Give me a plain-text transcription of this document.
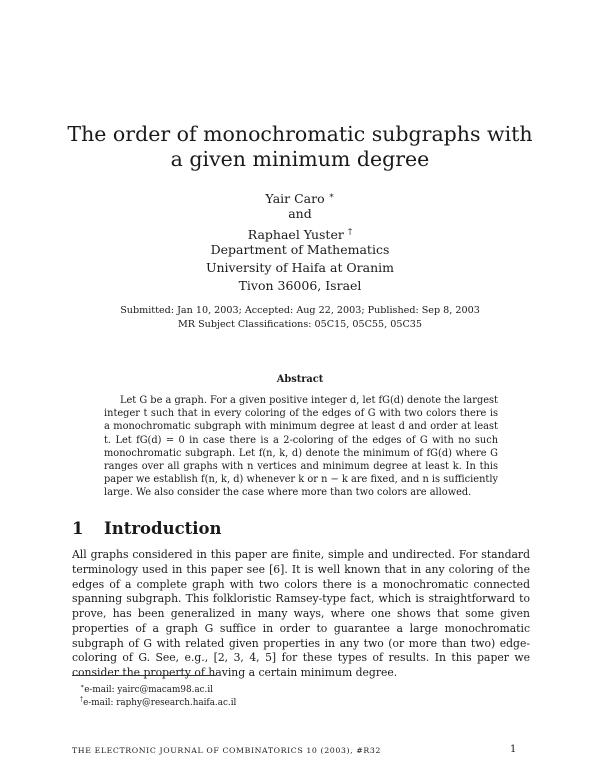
The order of monochromatic subgraphs with a given minimum degree
Yair Caro ∗
and
Raphael Yuster †
Department of Mathematics
University of Haifa at Oranim
Tivon 36006, Israel
Submitted: Jan 10, 2003; Accepted: Aug 22, 2003; Published: Sep 8, 2003
MR Subject Classifications: 05C15, 05C55, 05C35
Abstract

Let G be a graph. For a given positive integer d, let fG(d) denote the largest integer t such that in every coloring of the edges of G with two colors there is a monochromatic subgraph with minimum degree at least d and order at least t. Let fG(d) = 0 in case there is a 2-coloring of the edges of G with no such monochromatic subgraph. Let f(n, k, d) denote the minimum of fG(d) where G ranges over all graphs with n vertices and minimum degree at least k. In this paper we establish f(n, k, d) whenever k or n − k are fixed, and n is sufficiently large. We also consider the case where more than two colors are allowed.

1 Introduction

All graphs considered in this paper are finite, simple and undirected. For standard terminology used in this paper see [6]. It is well known that in any coloring of the edges of a complete graph with two colors there is a monochromatic connected spanning subgraph. This folkloristic Ramsey-type fact, which is straightforward to prove, has been generalized in many ways, where one shows that some given properties of a graph G suffice in order to guarantee a large monochromatic subgraph of G with related given properties in any two (or more than two) edge-coloring of G. See, e.g., [2, 3, 4, 5] for these types of results. In this paper we consider the property of having a certain minimum degree.

∗e-mail: yairc@macam98.ac.il
†e-mail: raphy@research.haifa.ac.il
THE ELECTRONIC JOURNAL OF COMBINATORICS 10 (2003), #R32	1
